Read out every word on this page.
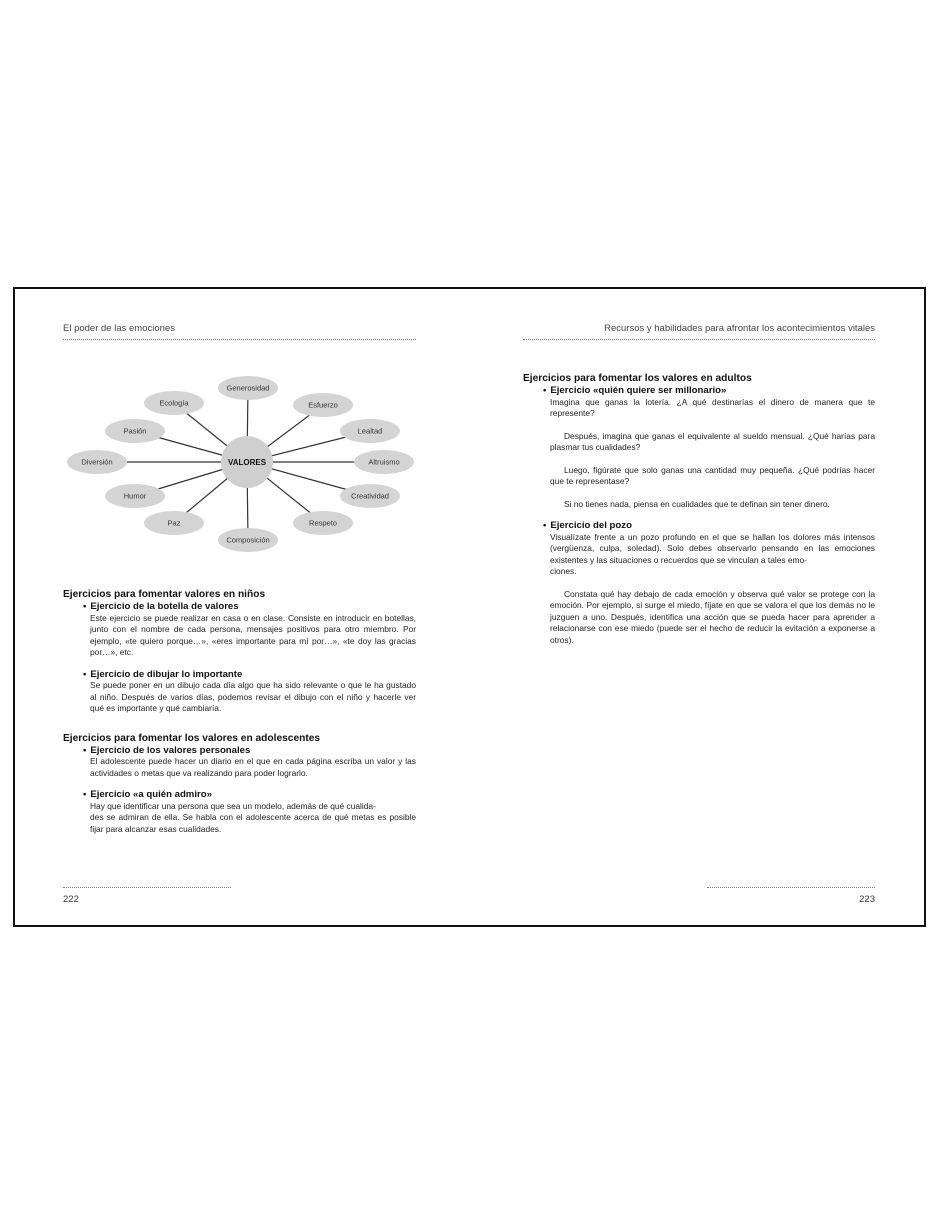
El poder de las emociones
Generosidad
Esfuerzo
Lealtad
Altruismo
Creatividad
Respeto
Composición
Paz
Humor
Diversión
Pasión
Ecología
VALORES
Ejercicios para fomentar valores en niños
• Ejercicio de la botella de valores

Este ejercicio se puede realizar en casa o en clase. Consiste en introducir en botellas, junto con el nombre de cada persona, mensajes positivos para otro miembro. Por ejemplo, «te quiero porque…», «eres importante para mí por…», «te doy las gracias por…», etc.

• Ejercicio de dibujar lo importante

Se puede poner en un dibujo cada día algo que ha sido relevante o que le ha gustado al niño. Después de varios días, podemos revisar el dibujo con el niño y hacerle ver qué es importante y qué cambiaría.

Ejercicios para fomentar los valores en adolescentes
• Ejercicio de los valores personales

El adolescente puede hacer un diario en el que en cada página escriba un valor y las actividades o metas que va realizando para poder lograrlo.

• Ejercicio «a quién admiro»

Hay que identificar una persona que sea un modelo, además de qué cualida-
des se admiran de ella. Se habla con el adolescente acerca de qué metas es posible fijar para alcanzar esas cualidades.

222
Recursos y habilidades para afrontar los acontecimientos vitales
Ejercicios para fomentar los valores en adultos
• Ejercicio «quién quiere ser millonario»

Imagina que ganas la lotería. ¿A qué destinarías el dinero de manera que te represente?

Después, imagina que ganas el equivalente al sueldo mensual. ¿Qué harías para plasmar tus cualidades?

Luego, figúrate que solo ganas una cantidad muy pequeña. ¿Qué podrías hacer que te representase?

Si no tienes nada, piensa en cualidades que te definan sin tener dinero.

• Ejercicio del pozo

Visualízate frente a un pozo profundo en el que se hallan los dolores más intensos (vergüenza, culpa, soledad). Solo debes observarlo pensando en las emociones existentes y las situaciones o recuerdos que se vinculan a tales emo-
ciones.

Constata qué hay debajo de cada emoción y observa qué valor se protege con la emoción. Por ejemplo, si surge el miedo, fíjate en que se valora el que los demás no le juzguen a uno. Después, identifica una acción que se pueda hacer para aprender a relacionarse con ese miedo (puede ser el hecho de reducir la evitación a exponerse a otros).

223
